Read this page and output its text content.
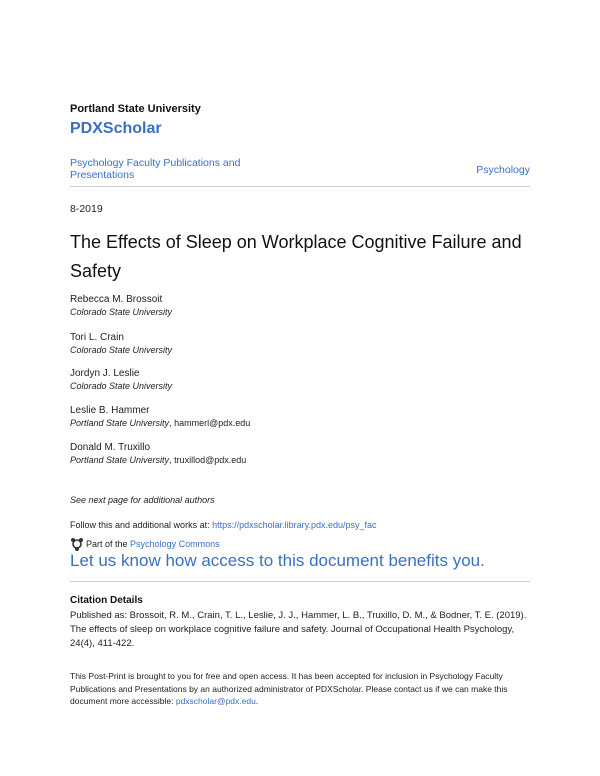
Portland State University
PDXScholar
Psychology Faculty Publications and Presentations	Psychology
8-2019
The Effects of Sleep on Workplace Cognitive Failure and Safety
Rebecca M. Brossoit
Colorado State University
Tori L. Crain
Colorado State University
Jordyn J. Leslie
Colorado State University
Leslie B. Hammer
Portland State University, hammerl@pdx.edu
Donald M. Truxillo
Portland State University, truxillod@pdx.edu
See next page for additional authors
Follow this and additional works at: https://pdxscholar.library.pdx.edu/psy_fac
Part of the
Psychology Commons
Let us know how access to this document benefits you.
Citation Details
Published as: Brossoit, R. M., Crain, T. L., Leslie, J. J., Hammer, L. B., Truxillo, D. M., & Bodner, T. E. (2019). The effects of sleep on workplace cognitive failure and safety. Journal of Occupational Health Psychology, 24(4), 411-422.
This Post-Print is brought to you for free and open access. It has been accepted for inclusion in Psychology Faculty Publications and Presentations by an authorized administrator of PDXScholar. Please contact us if we can make this document more accessible: pdxscholar@pdx.edu.
